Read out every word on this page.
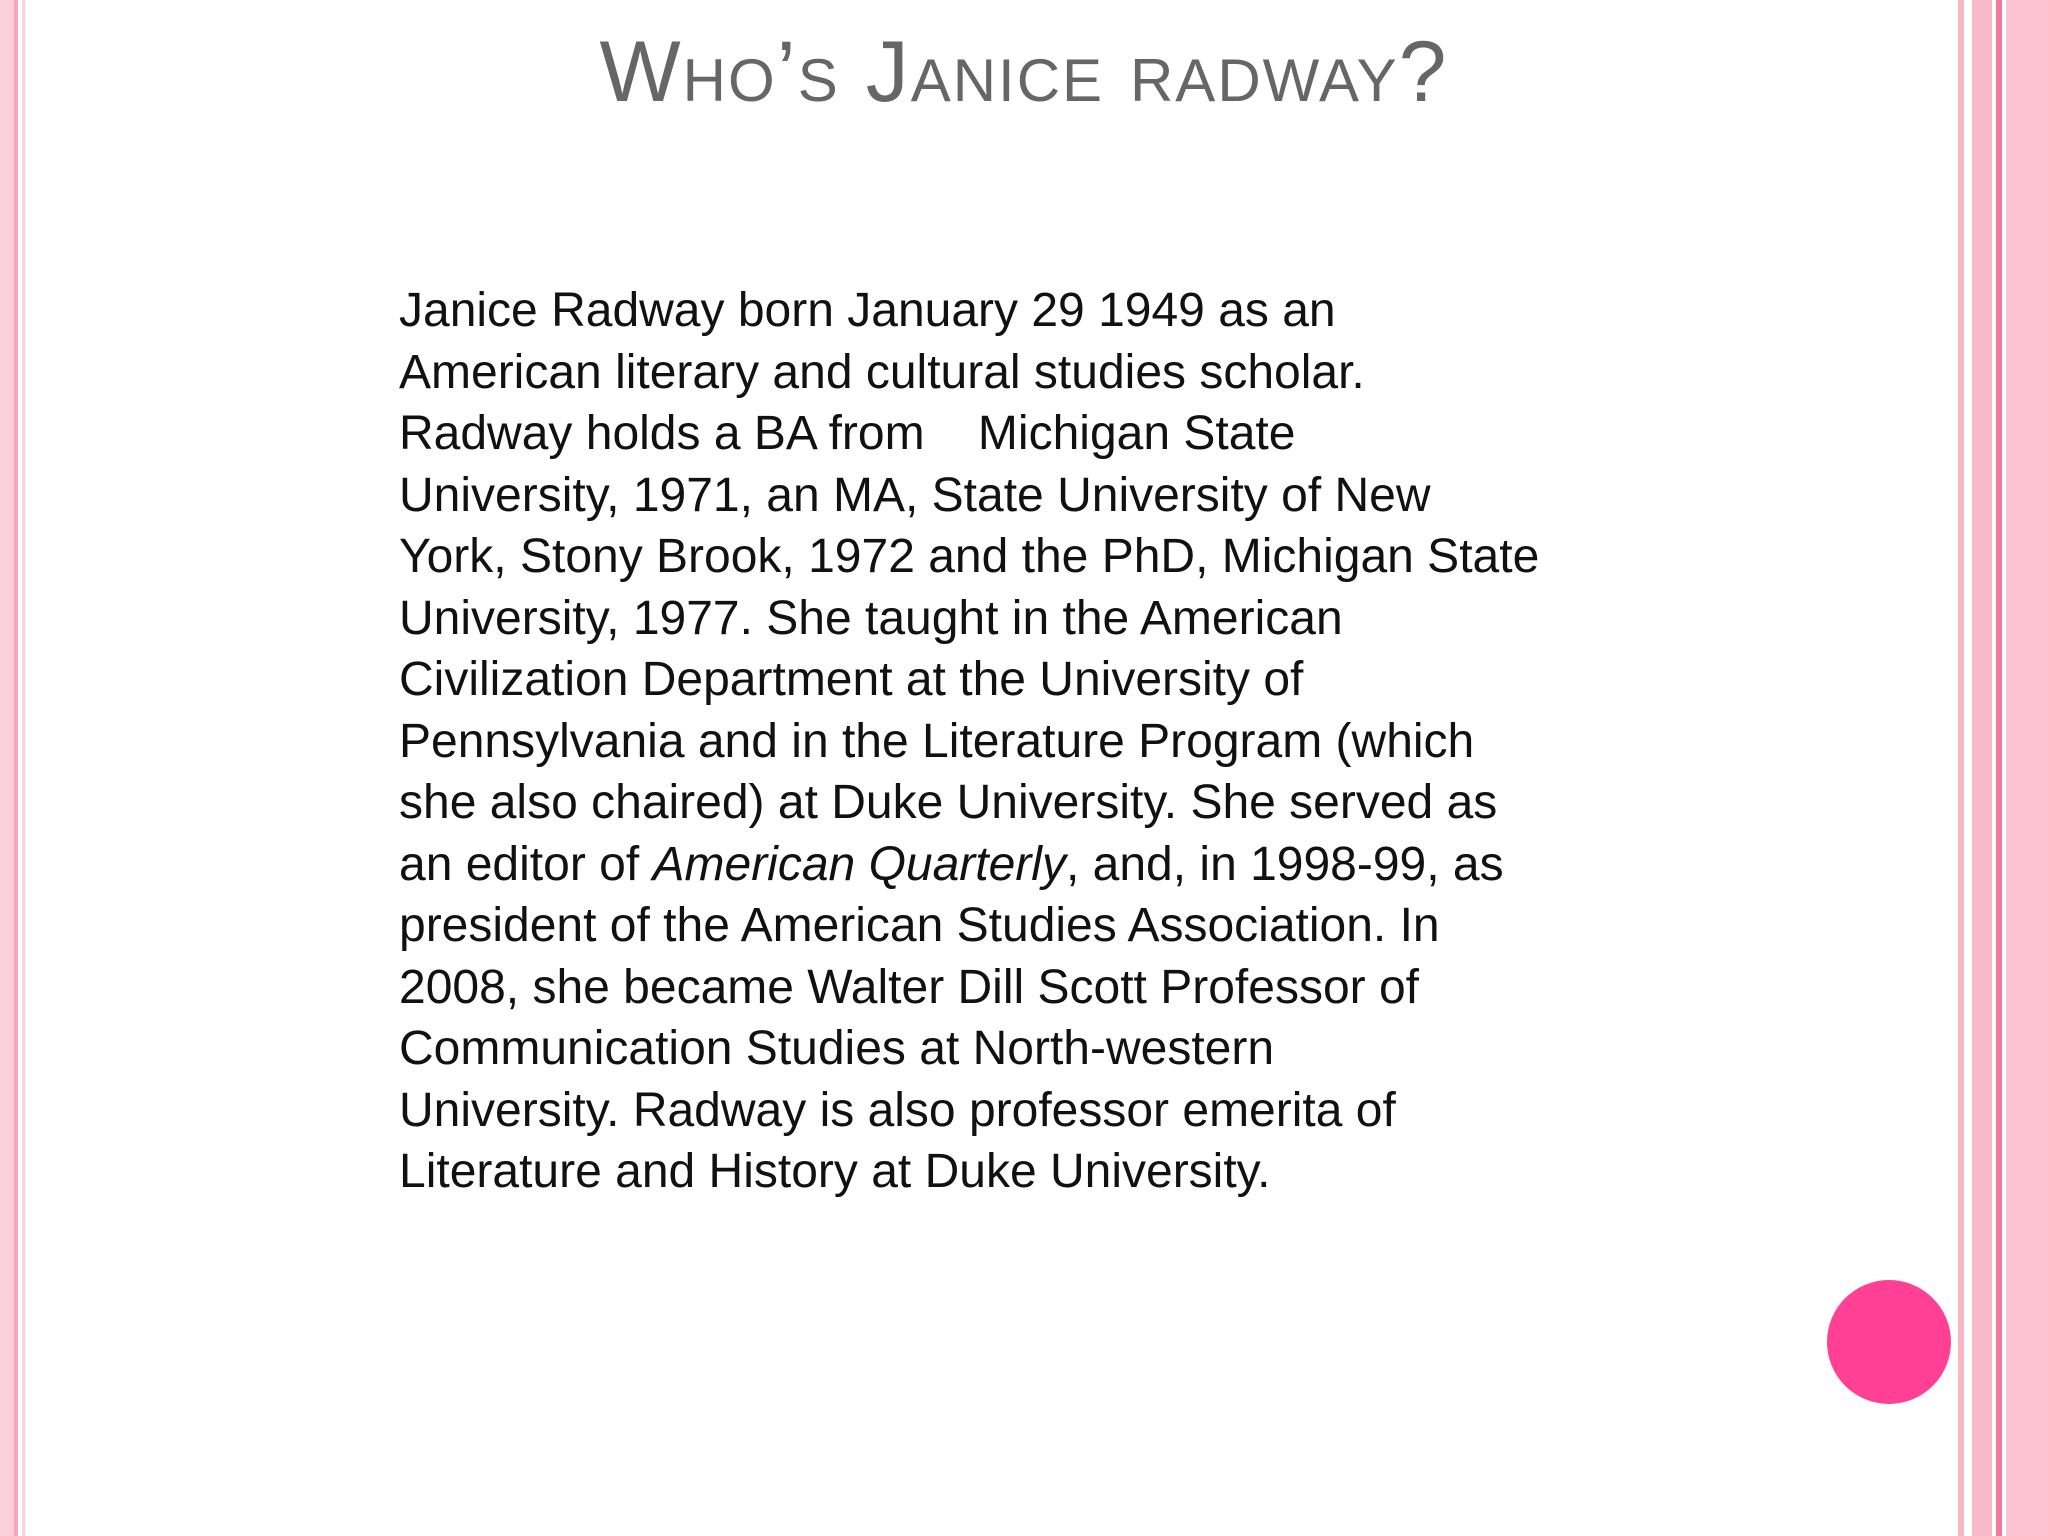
Who’s Janice radway?
Janice Radway born January 29 1949 as an
American literary and cultural studies scholar.
Radway holds a BA from    Michigan State
University, 1971, an MA, State University of New
York, Stony Brook, 1972 and the PhD, Michigan State
University, 1977. She taught in the American
Civilization Department at the University of
Pennsylvania and in the Literature Program (which
she also chaired) at Duke University. She served as
an editor of American Quarterly, and, in 1998-99, as
president of the American Studies Association. In
2008, she became Walter Dill Scott Professor of
Communication Studies at North-western
University. Radway is also professor emerita of
Literature and History at Duke University.
